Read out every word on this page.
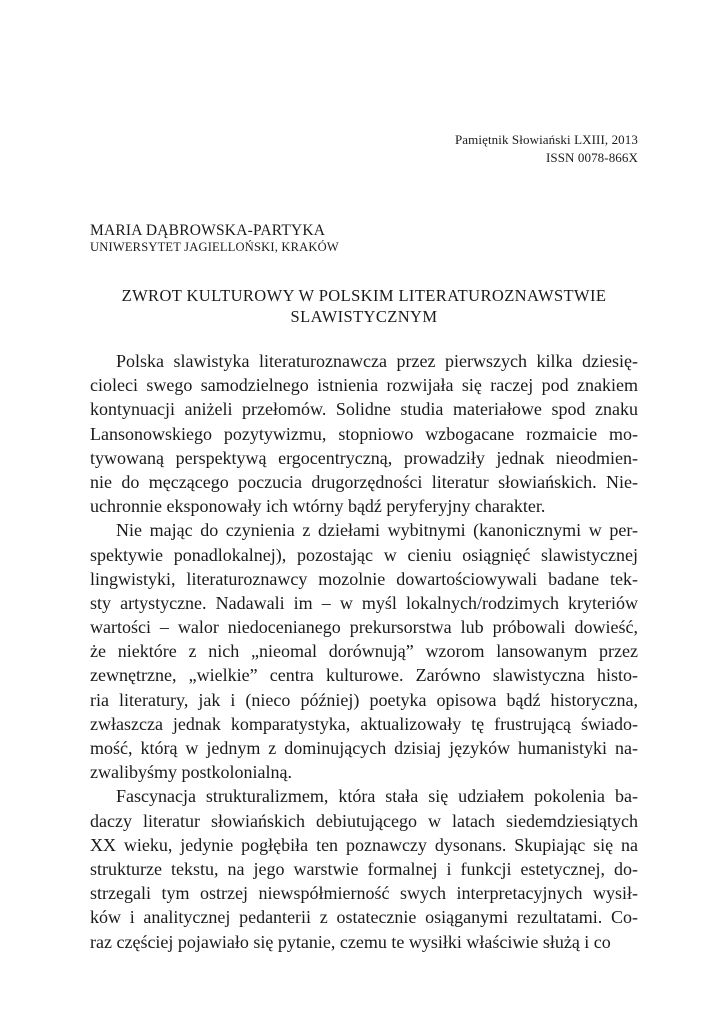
Pamiętnik Słowiański LXIII, 2013
ISSN 0078-866X
MARIA DĄBROWSKA-PARTYKA
UNIWERSYTET JAGIELLOŃSKI, KRAKÓW
ZWROT KULTUROWY W POLSKIM LITERATUROZNAWSTWIE
SLAWISTYCZNYM
Polska slawistyka literaturoznawcza przez pierwszych kilka dziesię-
cioleci swego samodzielnego istnienia rozwijała się raczej pod znakiem
kontynuacji aniżeli przełomów. Solidne studia materiałowe spod znaku
Lansonowskiego pozytywizmu, stopniowo wzbogacane rozmaicie mo-
tywowaną perspektywą ergocentryczną, prowadziły jednak nieodmien-
nie do męczącego poczucia drugorzędności literatur słowiańskich. Nie-
uchronnie eksponowały ich wtórny bądź peryferyjny charakter.
Nie mając do czynienia z dziełami wybitnymi (kanonicznymi w per-
spektywie ponadlokalnej), pozostając w cieniu osiągnięć slawistycznej
lingwistyki, literaturoznawcy mozolnie dowartościowywali badane tek-
sty artystyczne. Nadawali im – w myśl lokalnych/rodzimych kryteriów
wartości – walor niedocenianego prekursorstwa lub próbowali dowieść,
że niektóre z nich „nieomal dorównują” wzorom lansowanym przez
zewnętrzne, „wielkie” centra kulturowe. Zarówno slawistyczna histo-
ria literatury, jak i (nieco później) poetyka opisowa bądź historyczna,
zwłaszcza jednak komparatystyka, aktualizowały tę frustrującą świado-
mość, którą w jednym z dominujących dzisiaj języków humanistyki na-
zwalibyśmy postkolonialną.
Fascynacja strukturalizmem, która stała się udziałem pokolenia ba-
daczy literatur słowiańskich debiutującego w latach siedemdziesiątych
XX wieku, jedynie pogłębiła ten poznawczy dysonans. Skupiając się na
strukturze tekstu, na jego warstwie formalnej i funkcji estetycznej, do-
strzegali tym ostrzej niewspółmierność swych interpretacyjnych wysił-
ków i analitycznej pedanterii z ostatecznie osiąganymi rezultatami. Co-
raz częściej pojawiało się pytanie, czemu te wysiłki właściwie służą i co
